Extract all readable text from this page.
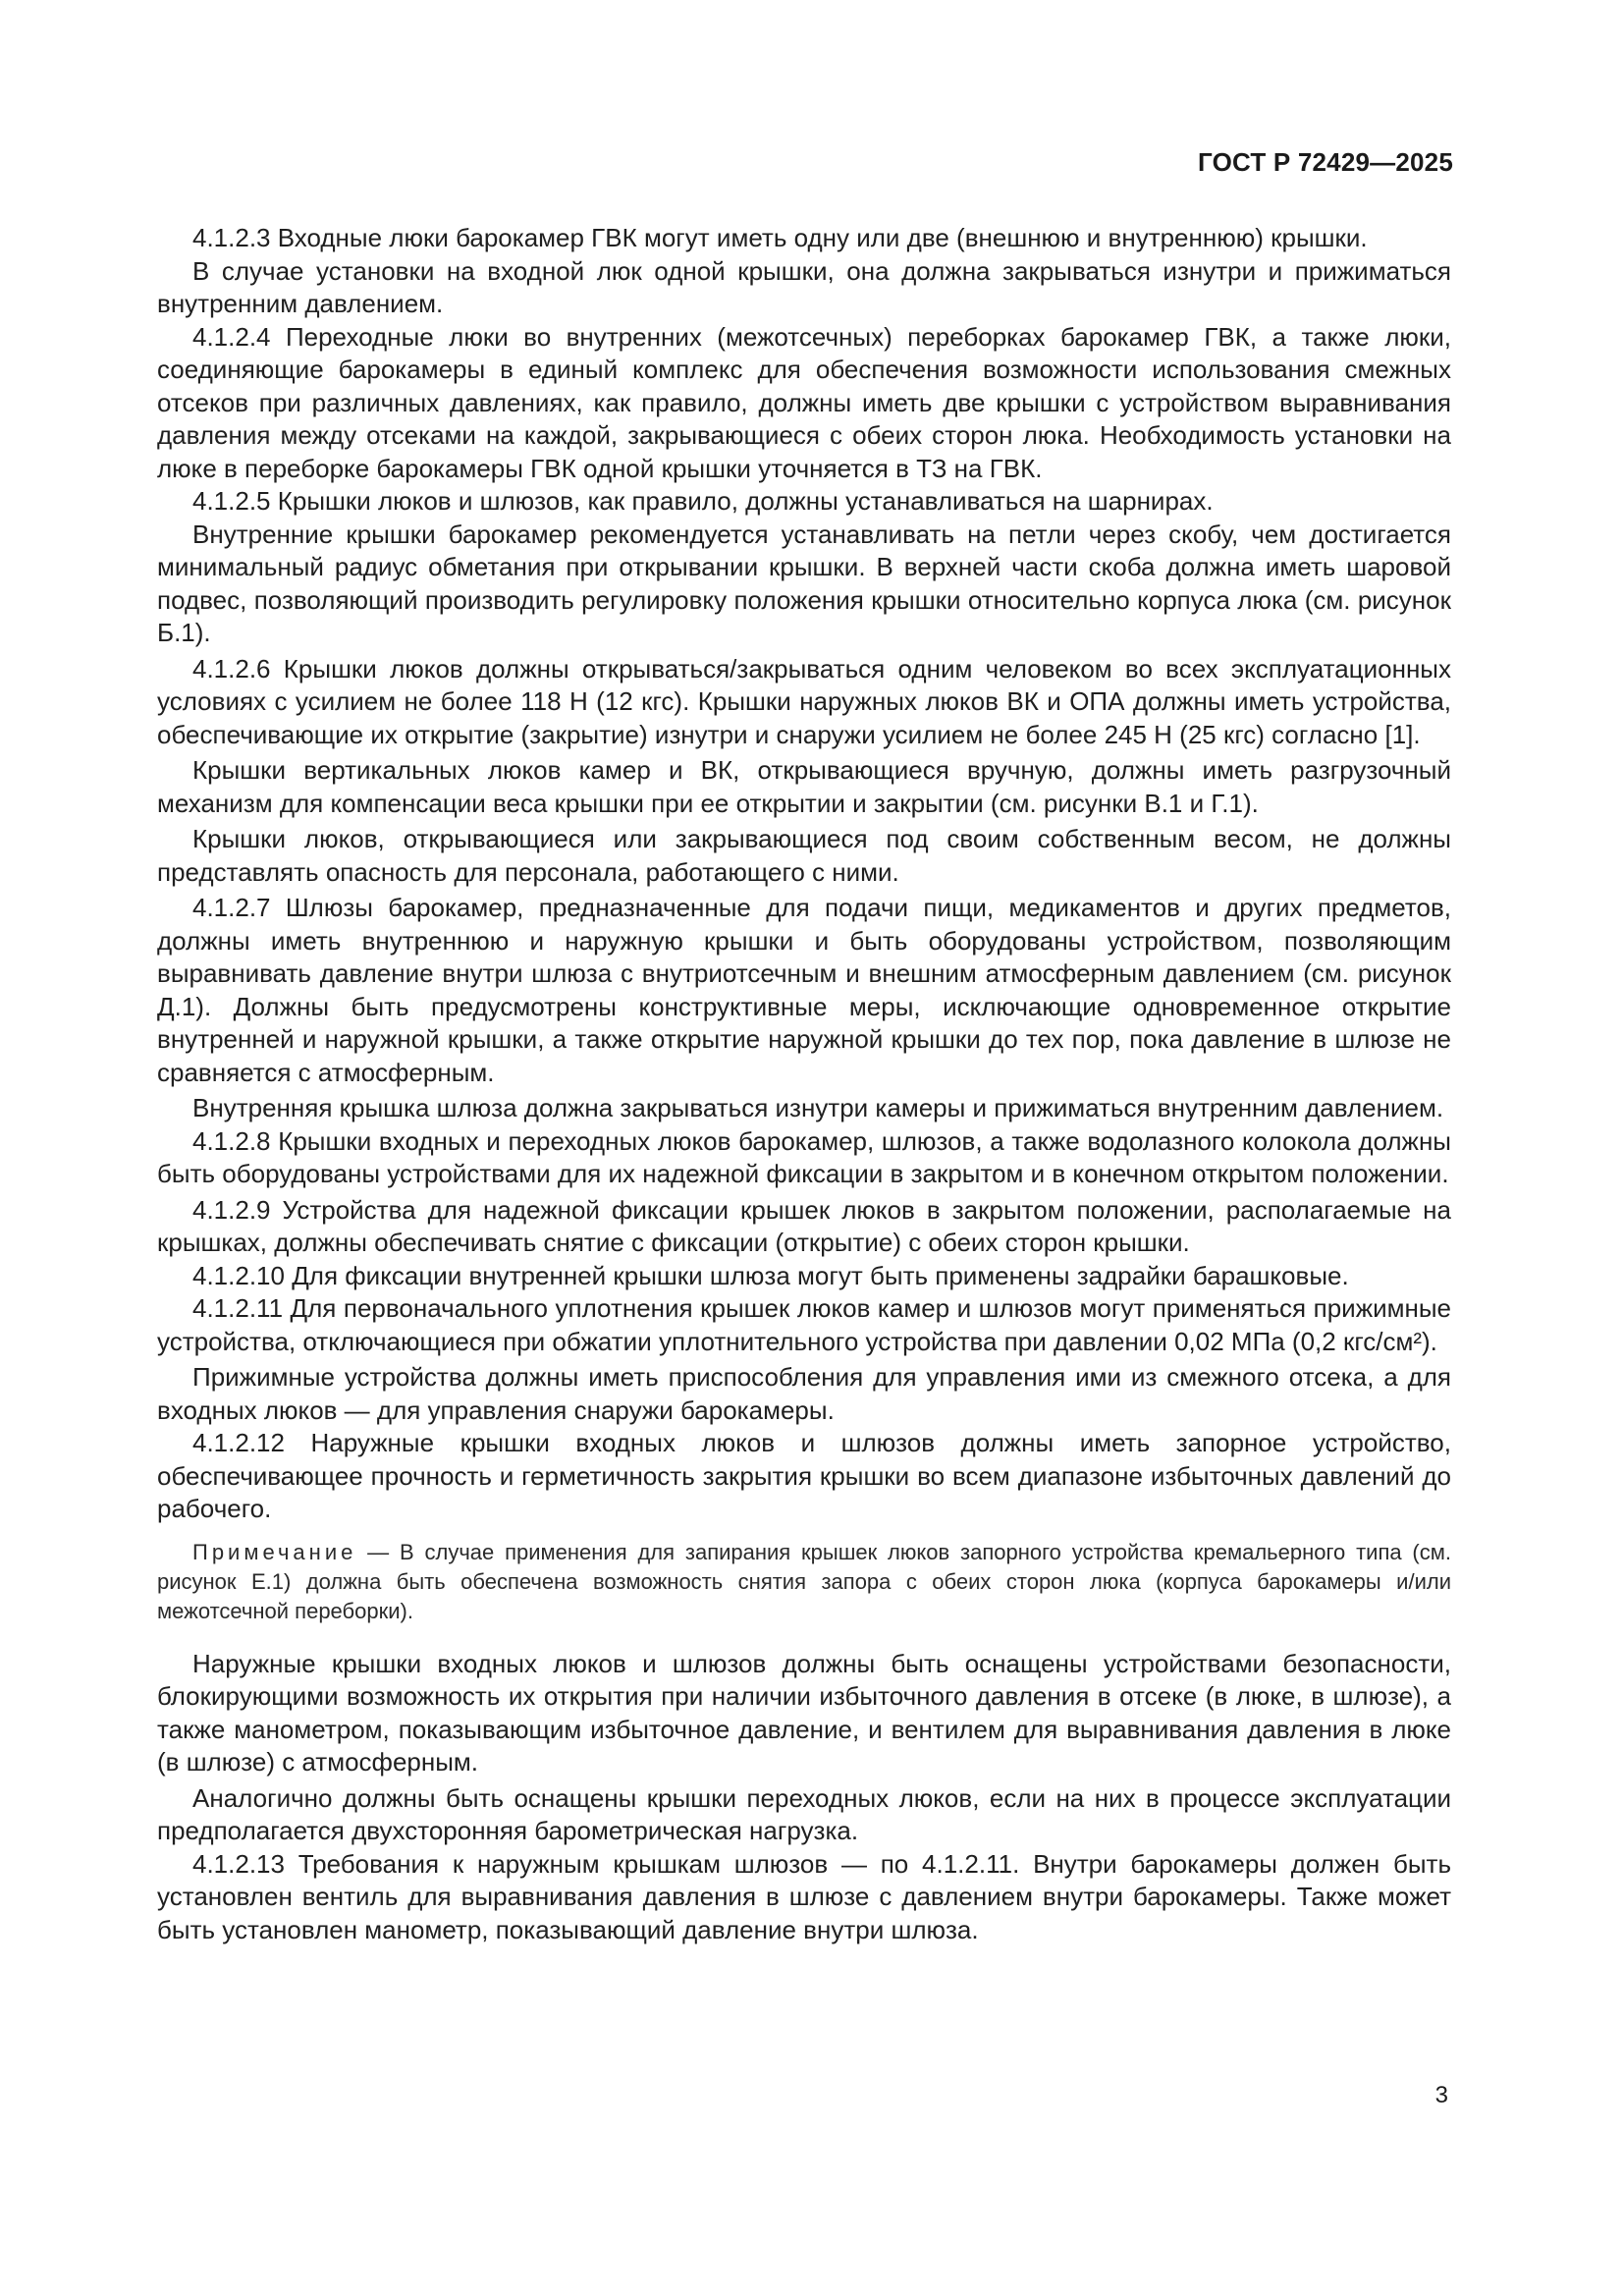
ГОСТ Р 72429—2025

4.1.2.3 Входные люки барокамер ГВК могут иметь одну или две (внешнюю и внутреннюю) крышки.

В случае установки на входной люк одной крышки, она должна закрываться изнутри и прижиматься внутренним давлением.

4.1.2.4 Переходные люки во внутренних (межотсечных) переборках барокамер ГВК, а также люки, соединяющие барокамеры в единый комплекс для обеспечения возможности использования смежных отсеков при различных давлениях, как правило, должны иметь две крышки с устройством выравнивания давления между отсеками на каждой, закрывающиеся с обеих сторон люка. Необходимость установки на люке в переборке барокамеры ГВК одной крышки уточняется в ТЗ на ГВК.

4.1.2.5 Крышки люков и шлюзов, как правило, должны устанавливаться на шарнирах.

Внутренние крышки барокамер рекомендуется устанавливать на петли через скобу, чем достигается минимальный радиус обметания при открывании крышки. В верхней части скоба должна иметь шаровой подвес, позволяющий производить регулировку положения крышки относительно корпуса люка (см. рисунок Б.1).

4.1.2.6 Крышки люков должны открываться/закрываться одним человеком во всех эксплуатационных условиях с усилием не более 118 Н (12 кгс). Крышки наружных люков ВК и ОПА должны иметь устройства, обеспечивающие их открытие (закрытие) изнутри и снаружи усилием не более 245 Н (25 кгс) согласно [1].

Крышки вертикальных люков камер и ВК, открывающиеся вручную, должны иметь разгрузочный механизм для компенсации веса крышки при ее открытии и закрытии (см. рисунки В.1 и Г.1).

Крышки люков, открывающиеся или закрывающиеся под своим собственным весом, не должны представлять опасность для персонала, работающего с ними.

4.1.2.7 Шлюзы барокамер, предназначенные для подачи пищи, медикаментов и других предметов, должны иметь внутреннюю и наружную крышки и быть оборудованы устройством, позволяющим выравнивать давление внутри шлюза с внутриотсечным и внешним атмосферным давлением (см. рисунок Д.1). Должны быть предусмотрены конструктивные меры, исключающие одновременное открытие внутренней и наружной крышки, а также открытие наружной крышки до тех пор, пока давление в шлюзе не сравняется с атмосферным.

Внутренняя крышка шлюза должна закрываться изнутри камеры и прижиматься внутренним давлением.

4.1.2.8 Крышки входных и переходных люков барокамер, шлюзов, а также водолазного колокола должны быть оборудованы устройствами для их надежной фиксации в закрытом и в конечном открытом положении.

4.1.2.9 Устройства для надежной фиксации крышек люков в закрытом положении, располагаемые на крышках, должны обеспечивать снятие с фиксации (открытие) с обеих сторон крышки.

4.1.2.10 Для фиксации внутренней крышки шлюза могут быть применены задрайки барашковые.

4.1.2.11 Для первоначального уплотнения крышек люков камер и шлюзов могут применяться прижимные устройства, отключающиеся при обжатии уплотнительного устройства при давлении 0,02 МПа (0,2 кгс/см²).

Прижимные устройства должны иметь приспособления для управления ими из смежного отсека, а для входных люков — для управления снаружи барокамеры.

4.1.2.12 Наружные крышки входных люков и шлюзов должны иметь запорное устройство, обеспечивающее прочность и герметичность закрытия крышки во всем диапазоне избыточных давлений до рабочего.

Примечание — В случае применения для запирания крышек люков запорного устройства кремальерного типа (см. рисунок Е.1) должна быть обеспечена возможность снятия запора с обеих сторон люка (корпуса барокамеры и/или межотсечной переборки).

Наружные крышки входных люков и шлюзов должны быть оснащены устройствами безопасности, блокирующими возможность их открытия при наличии избыточного давления в отсеке (в люке, в шлюзе), а также манометром, показывающим избыточное давление, и вентилем для выравнивания давления в люке (в шлюзе) с атмосферным.

Аналогично должны быть оснащены крышки переходных люков, если на них в процессе эксплуатации предполагается двухсторонняя барометрическая нагрузка.

4.1.2.13 Требования к наружным крышкам шлюзов — по 4.1.2.11. Внутри барокамеры должен быть установлен вентиль для выравнивания давления в шлюзе с давлением внутри барокамеры. Также может быть установлен манометр, показывающий давление внутри шлюза.

3
